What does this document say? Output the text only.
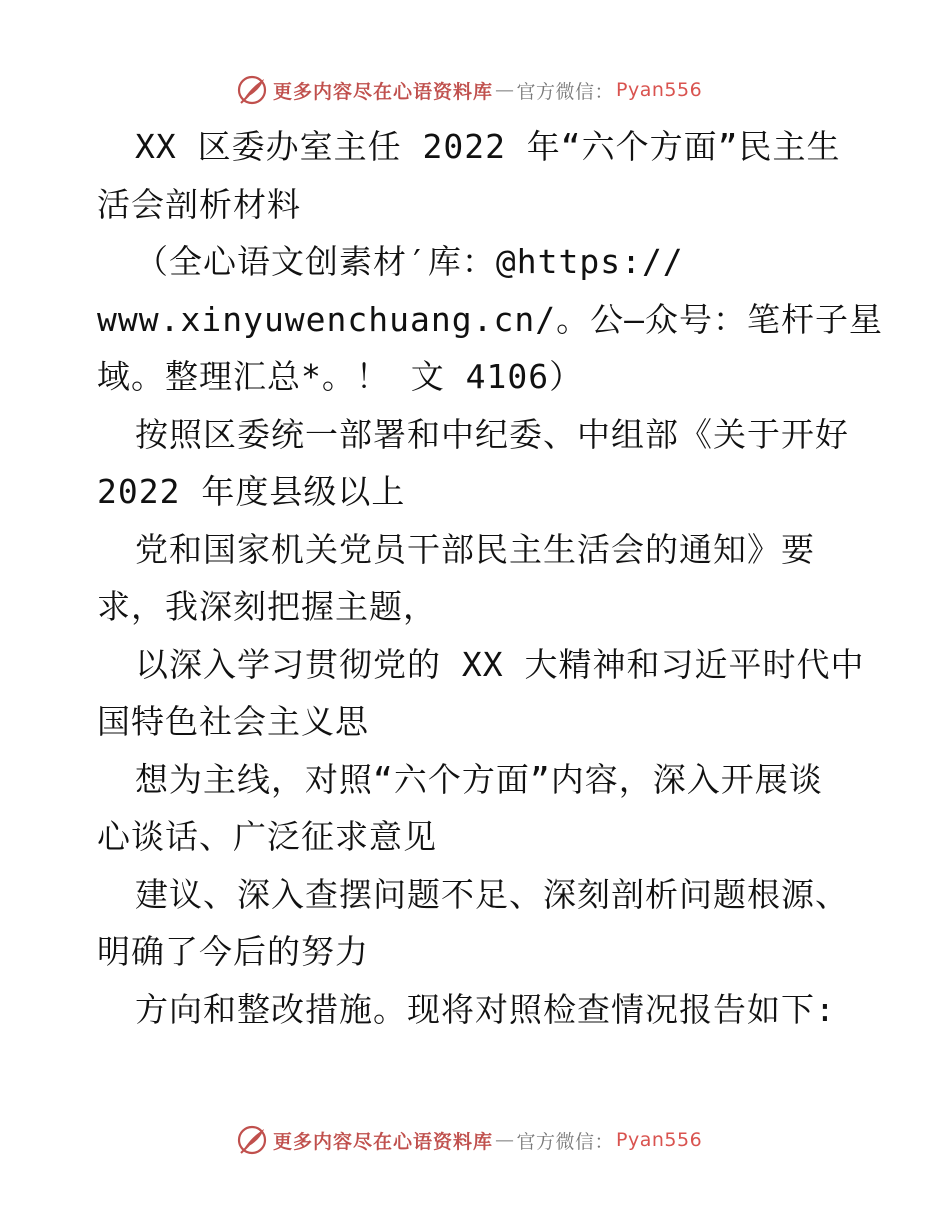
更多内容尽在心语资料库 — 官方微信： Pyan556
XX 区委办室主任 2022 年“六个方面”民主生
活会剖析材料
（全心语文创素材′库：@https://
www.xinyuwenchuang.cn/。公—众号：笔杆子星
域。整理汇总*。！ 文 4106）
按照区委统一部署和中纪委、中组部《关于开好
2022 年度县级以上
党和国家机关党员干部民主生活会的通知》要
求，我深刻把握主题，
以深入学习贯彻党的 XX 大精神和习近平时代中
国特色社会主义思
想为主线，对照“六个方面”内容，深入开展谈
心谈话、广泛征求意见
建议、深入查摆问题不足、深刻剖析问题根源、
明确了今后的努力
方向和整改措施。现将对照检查情况报告如下:
更多内容尽在心语资料库 — 官方微信： Pyan556
